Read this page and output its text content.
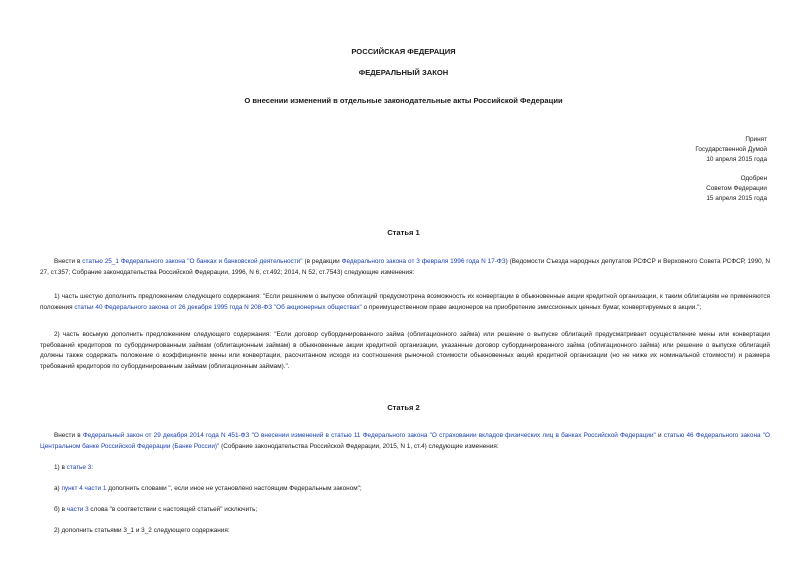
РОССИЙСКАЯ ФЕДЕРАЦИЯ
ФЕДЕРАЛЬНЫЙ ЗАКОН
О внесении изменений в отдельные законодательные акты Российской Федерации
Принят
Государственной Думой
10 апреля 2015 года
Одобрен
Советом Федерации
15 апреля 2015 года
Статья 1
Внести в статью 25_1 Федерального закона "О банках и банковской деятельности" (в редакции Федерального закона от 3 февраля 1996 года N 17-ФЗ) (Ведомости Съезда народных депутатов РСФСР и Верховного Совета РСФСР, 1990, N 27, ст.357; Собрание законодательства Российской Федерации, 1996, N 6, ст.492; 2014, N 52, ст.7543) следующие изменения:
1) часть шестую дополнить предложением следующего содержания: "Если решением о выпуске облигаций предусмотрена возможность их конвертации в обыкновенные акции кредитной организации, к таким облигациям не применяются положения статьи 40 Федерального закона от 26 декабря 1995 года N 208-ФЗ "Об акционерных обществах" о преимущественном праве акционеров на приобретение эмиссионных ценных бумаг, конвертируемых в акции.";
2) часть восьмую дополнить предложением следующего содержания: "Если договор субординированного займа (облигационного займа) или решение о выпуске облигаций предусматривает осуществление мены или конвертации требований кредиторов по субординированным займам (облигационным займам) в обыкновенные акции кредитной организации, указанные договор субординированного займа (облигационного займа) или решение о выпуске облигаций должны также содержать положение о коэффициенте мены или конвертации, рассчитанном исходя из соотношения рыночной стоимости обыкновенных акций кредитной организации (но не ниже их номинальной стоимости) и размера требований кредиторов по субординированным займам (облигационным займам).".
Статья 2
Внести в Федеральный закон от 29 декабря 2014 года N 451-ФЗ "О внесении изменений в статью 11 Федерального закона "О страховании вкладов физических лиц в банках Российской Федерации" и статью 46 Федерального закона "О Центральном банке Российской Федерации (Банке России)" (Собрание законодательства Российской Федерации, 2015, N 1, ст.4) следующие изменения:
1) в статье 3:
а) пункт 4 части 1 дополнить словами ", если иное не установлено настоящим Федеральным законом";
б) в части 3 слова "в соответствии с настоящей статьей" исключить;
2) дополнить статьями 3_1 и 3_2 следующего содержания:
